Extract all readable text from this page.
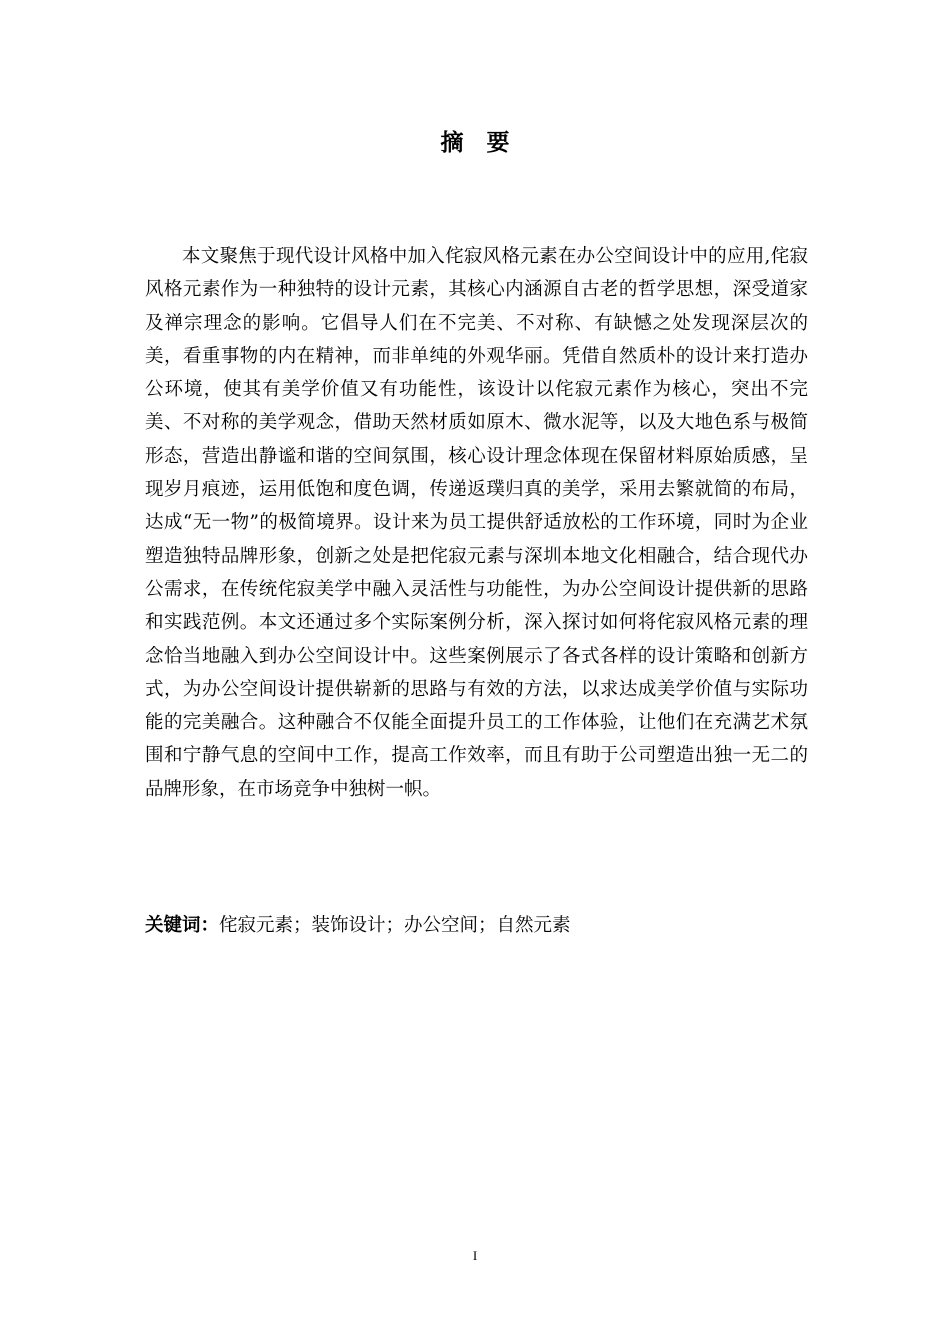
摘　要

本文聚焦于现代设计风格中加入侘寂风格元素在办公空间设计中的应用,侘寂风格元素作为一种独特的设计元素，其核心内涵源自古老的哲学思想，深受道家及禅宗理念的影响。它倡导人们在不完美、不对称、有缺憾之处发现深层次的美，看重事物的内在精神，而非单纯的外观华丽。凭借自然质朴的设计来打造办公环境，使其有美学价值又有功能性，该设计以侘寂元素作为核心，突出不完美、不对称的美学观念，借助天然材质如原木、微水泥等，以及大地色系与极简形态，营造出静谧和谐的空间氛围，核心设计理念体现在保留材料原始质感，呈现岁月痕迹，运用低饱和度色调，传递返璞归真的美学，采用去繁就简的布局，达成“无一物”的极简境界。设计来为员工提供舒适放松的工作环境，同时为企业塑造独特品牌形象，创新之处是把侘寂元素与深圳本地文化相融合，结合现代办公需求，在传统侘寂美学中融入灵活性与功能性，为办公空间设计提供新的思路和实践范例。本文还通过多个实际案例分析，深入探讨如何将侘寂风格元素的理念恰当地融入到办公空间设计中。这些案例展示了各式各样的设计策略和创新方式，为办公空间设计提供崭新的思路与有效的方法，以求达成美学价值与实际功能的完美融合。这种融合不仅能全面提升员工的工作体验，让他们在充满艺术氛围和宁静气息的空间中工作，提高工作效率，而且有助于公司塑造出独一无二的品牌形象，在市场竞争中独树一帜。

关键词：侘寂元素；装饰设计；办公空间；自然元素

I
